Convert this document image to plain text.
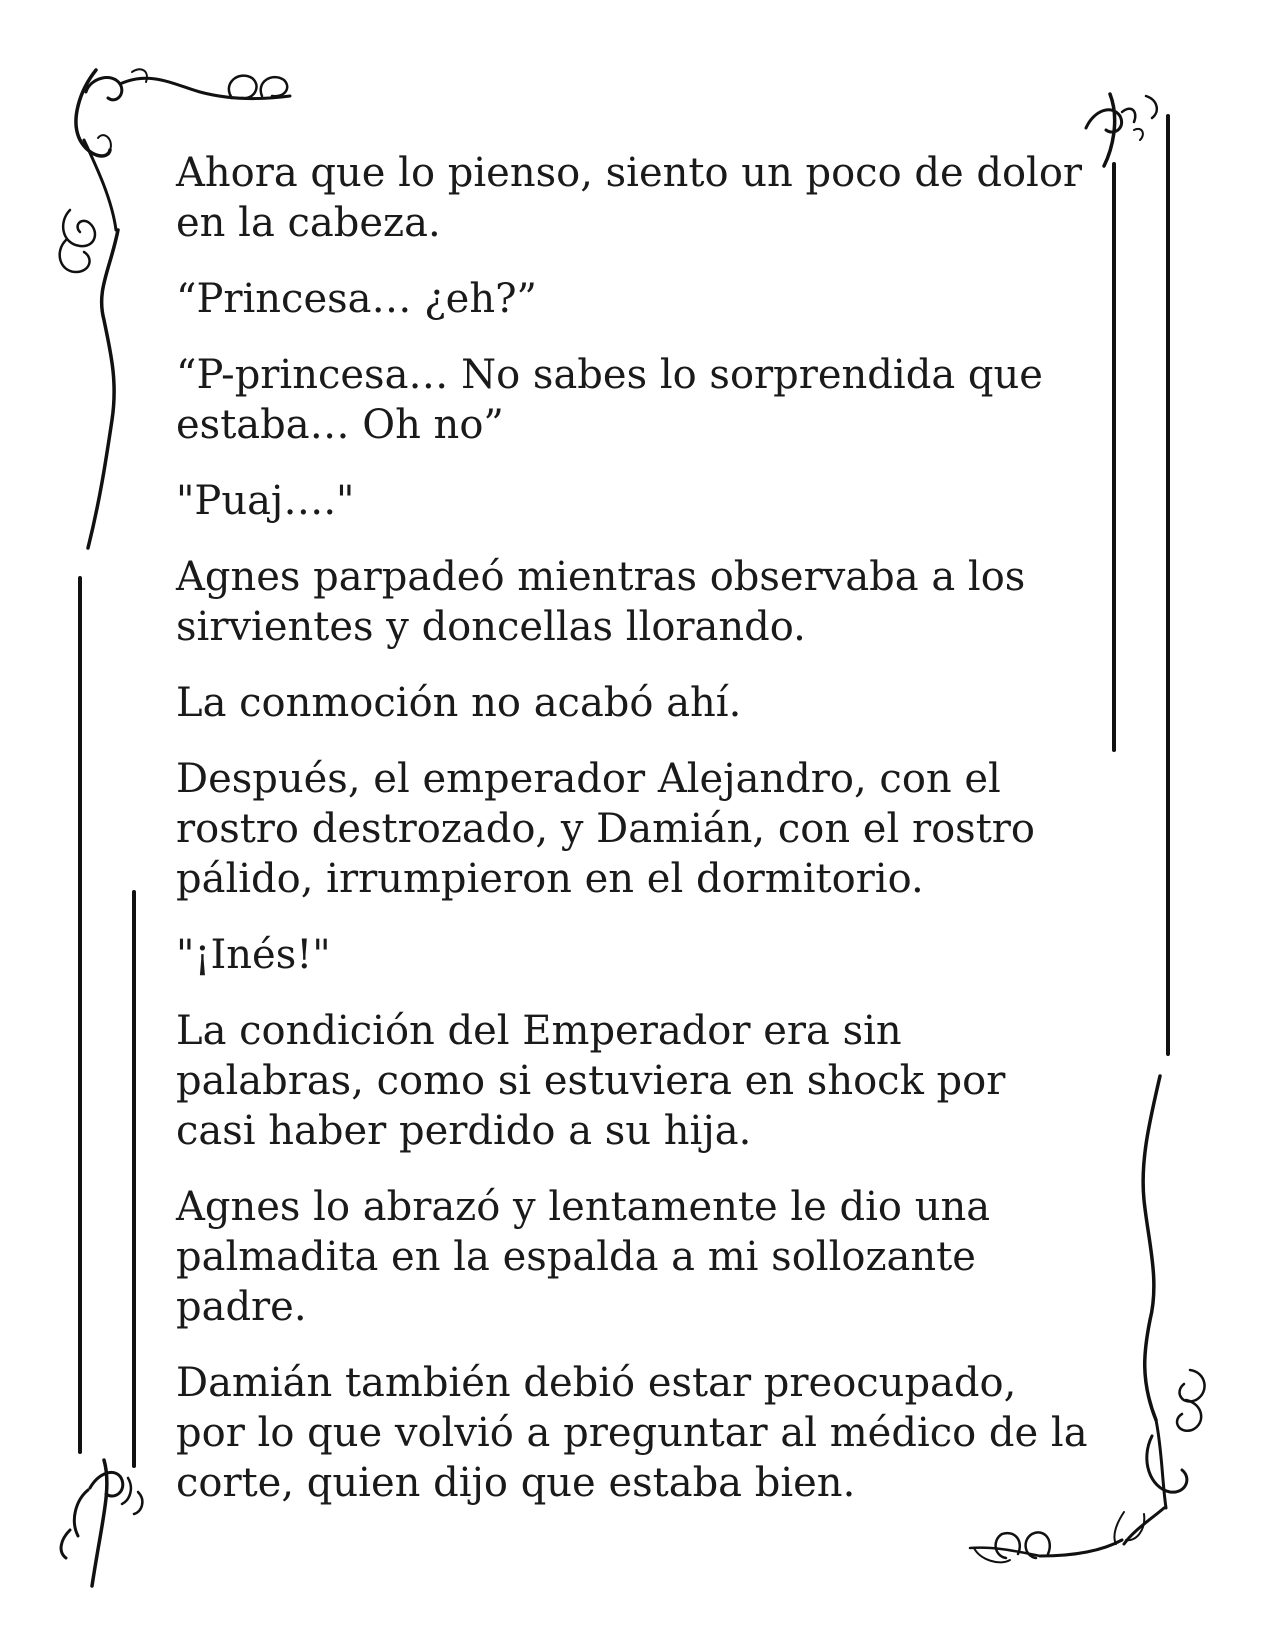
Ahora que lo pienso, siento un poco de dolor en la cabeza.

“Princesa… ¿eh?”

“P-princesa… No sabes lo sorprendida que estaba… Oh no”

"Puaj…."

Agnes parpadeó mientras observaba a los sirvientes y doncellas llorando.

La conmoción no acabó ahí.

Después, el emperador Alejandro, con el rostro destrozado, y Damián, con el rostro pálido, irrumpieron en el dormitorio.

"¡Inés!"

La condición del Emperador era sin palabras, como si estuviera en shock por casi haber perdido a su hija.

Agnes lo abrazó y lentamente le dio una palmadita en la espalda a mi sollozante padre.

Damián también debió estar preocupado, por lo que volvió a preguntar al médico de la corte, quien dijo que estaba bien.
